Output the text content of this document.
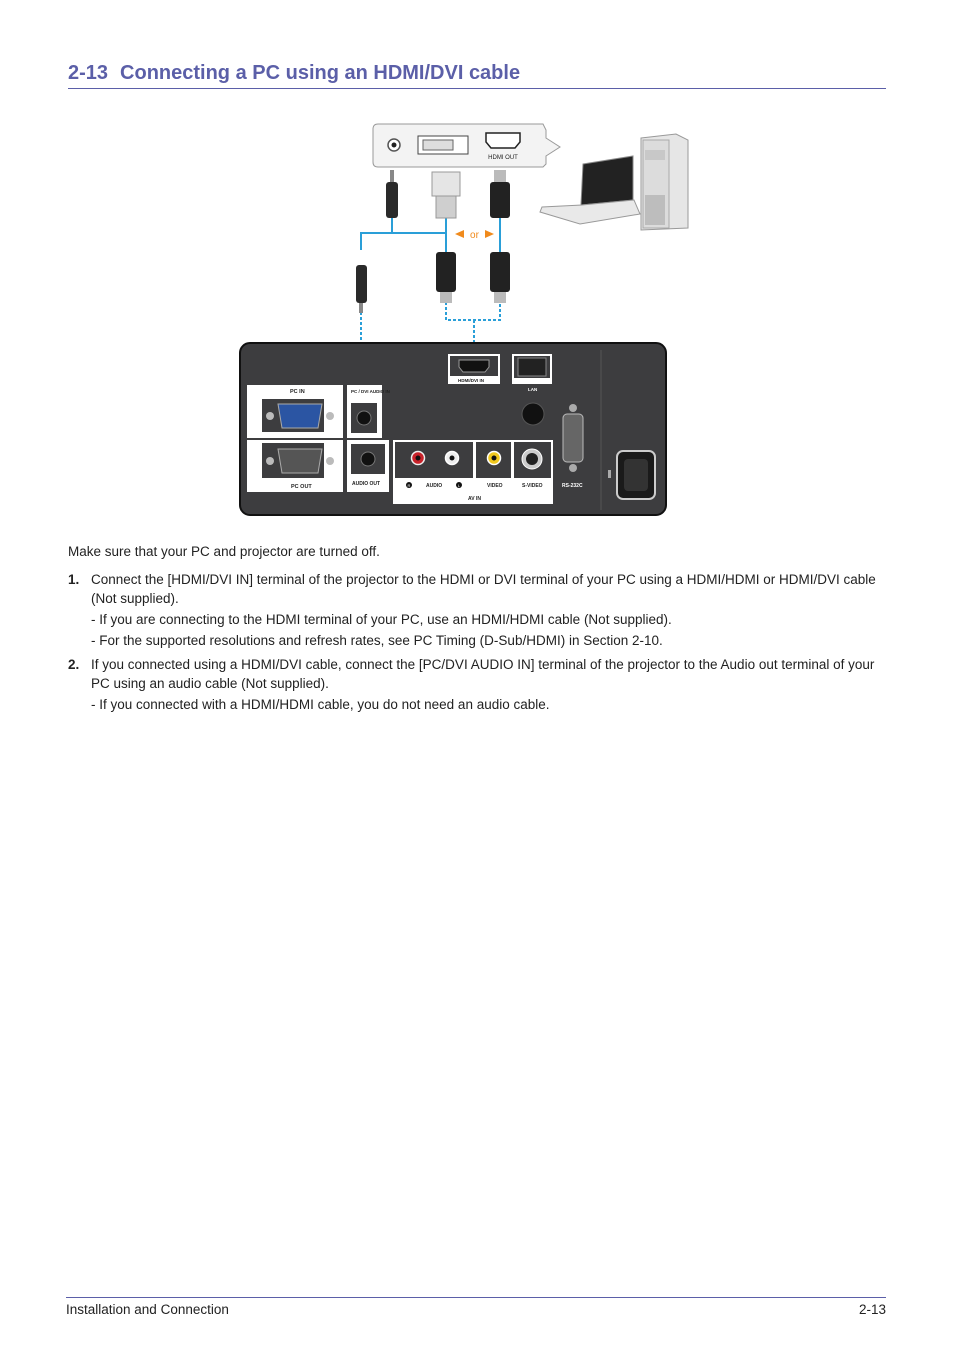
2-13 Connecting a PC using an HDMI/DVI cable
HDMI OUT
or
PC IN	PC / DVI AUDIO IN
PC OUT	AUDIO OUT
HDMI/DVI IN
LAN
R	AUDIO	L	VIDEO	S-VIDEO
AV IN
RS-232C
Make sure that your PC and projector are turned off.
1. Connect the [HDMI/DVI IN] terminal of the projector to the HDMI or DVI terminal of your PC using a HDMI/HDMI or HDMI/DVI cable (Not supplied).
- If you are connecting to the HDMI terminal of your PC, use an HDMI/HDMI cable (Not supplied).
- For the supported resolutions and refresh rates, see PC Timing (D-Sub/HDMI) in Section 2-10.
2. If you connected using a HDMI/DVI cable, connect the [PC/DVI AUDIO IN] terminal of the projector to the Audio out terminal of your PC using an audio cable (Not supplied).
- If you connected with a HDMI/HDMI cable, you do not need an audio cable.
Installation and Connection	2-13
